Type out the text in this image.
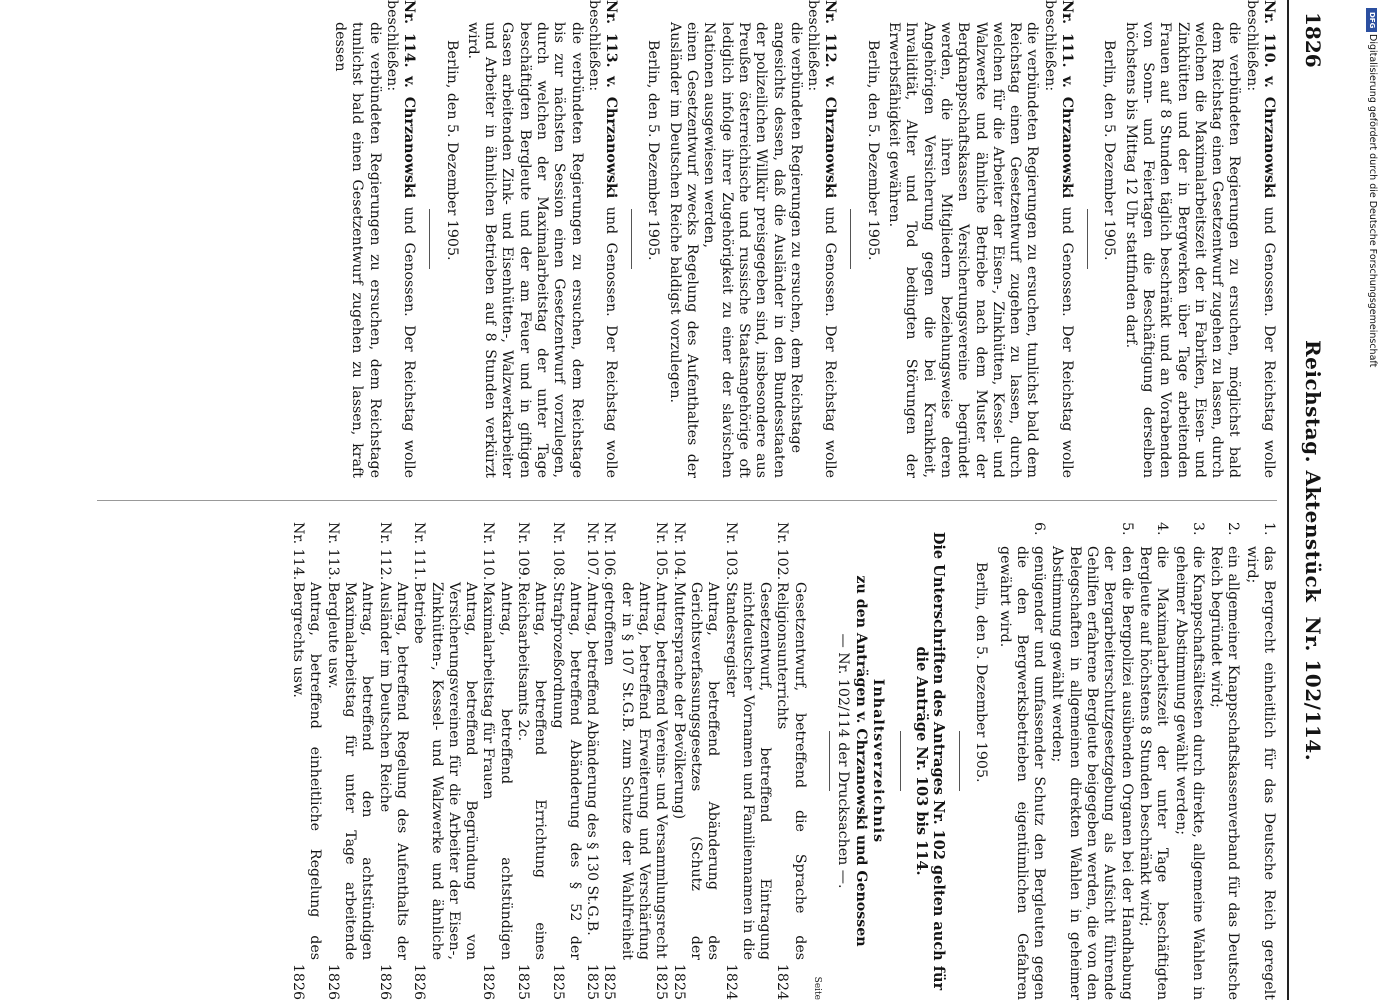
1826
Reichstag. AktenstückNr. 102/114.
Nr. 110. v. Chrzanowski und Genossen. Der Reichstag wolle beschließen:
die verbündeten Regierungen zu ersuchen, möglichst bald dem Reichstag einen Gesetzentwurf zugehen zu lassen, durch welchen die Maximalarbeitszeit der in Fabriken, Eisen- und Zinkhütten und der in Bergwerken über Tage arbeitenden Frauen auf 8 Stunden täglich beschränkt und an Vorabenden von Sonn- und Feiertagen die Beschäftigung derselben höchstens bis Mittag 12 Uhr stattfinden darf.
Berlin, den 5. Dezember 1905.
Nr. 111. v. Chrzanowski und Genossen. Der Reichstag wolle beschließen:
die verbündeten Regierungen zu ersuchen, tunlichst bald dem Reichstag einen Gesetzentwurf zugehen zu lassen, durch welchen für die Arbeiter der Eisen-, Zinkhütten, Kessel- und Walzwerke und ähnliche Betriebe nach dem Muster der Bergknappschaftskassen Versicherungsvereine begründet werden, die ihren Mitgliedern beziehungsweise deren Angehörigen Versicherung gegen die bei Krankheit, Invalidität, Alter und Tod bedingten Störungen der Erwerbsfähigkeit gewähren.
Berlin, den 5. Dezember 1905.
Nr. 112. v. Chrzanowski und Genossen. Der Reichstag wolle beschließen:
die verbündeten Regierungen zu ersuchen, dem Reichstage
angesichts dessen, daß die Ausländer in den Bundesstaaten der polizeilichen Willkür preisgegeben sind, insbesondere aus Preußen österreichische und russische Staatsangehörige oft lediglich infolge ihrer Zugehörigkeit zu einer der slavischen Nationen ausgewiesen werden,
einen Gesetzentwurf zwecks Regelung des Aufenthaltes der Ausländer im Deutschen Reiche baldigst vorzulegen.
Berlin, den 5. Dezember 1905.
Nr. 113. v. Chrzanowski und Genossen. Der Reichstag wolle beschließen:
die verbündeten Regierungen zu ersuchen, dem Reichstage bis zur nächsten Session einen Gesetzentwurf vorzulegen, durch welchen der Maximalarbeitstag der unter Tage beschäftigten Bergleute und der am Feuer und in giftigen Gasen arbeitenden Zink- und Eisenhütten-, Walzwerkarbeiter und Arbeiter in ähnlichen Betrieben auf 8 Stunden verkürzt wird.
Berlin, den 5. Dezember 1905.
Nr. 114. v. Chrzanowski und Genossen. Der Reichstag wolle beschließen:
die verbündeten Regierungen zu ersuchen, dem Reichstage tunlichst bald einen Gesetzentwurf zugehen zu lassen, kraft dessen
1.
das Bergrecht einheitlich für das Deutsche Reich geregelt wird;
2.
ein allgemeiner Knappschaftskassenverband für das Deutsche Reich begründet wird;
3.
die Knappschaftsältesten durch direkte, allgemeine Wahlen in geheimer Abstimmung gewählt werden;
4.
die Maximalarbeitszeit der unter Tage beschäftigten Bergleute auf höchstens 8 Stunden beschränkt wird;
5.
den die Bergpolizei ausübenden Organen bei der Handhabung der Bergarbeiterschutzgesetzgebung als Aufsicht führende Gehilfen erfahrene Bergleute beigegeben werden, die von den Belegschaften in allgemeinen direkten Wahlen in geheimer Abstimmung gewählt werden;
6.
genügender und umfassender Schutz den Bergleuten gegen die den Bergwerksbetrieben eigentümlichen Gefahren gewährt wird.
Berlin, den 5. Dezember 1905.
Die Unterschriften des Antrages Nr. 102 gelten auch für die Anträge Nr. 103 bis 114.
Inhaltsverzeichnis
zu den Anträgen v. Chrzanowski und Genossen
— Nr. 102/114 der Drucksachen —.
Seite
Nr. 102.
Gesetzentwurf, betreffend die Sprache des Religionsunterrichts
1824
Nr. 103.
Gesetzentwurf, betreffend Eintragung nichtdeutscher Vornamen und Familiennamen in die Standesregister
1824
Nr. 104.
Antrag, betreffend Abänderung des Gerichtsverfassungsgesetzes (Schutz der Muttersprache der Bevölkerung)
1825
Nr. 105.
Antrag, betreffend Vereins- und Versammlungsrecht
1825
Nr. 106.
Antrag, betreffend Erweiterung und Verschärfung der in § 107 St.G.B. zum Schutze der Wahlfreiheit getroffenen
1825
Nr. 107.
Antrag, betreffend Abänderung des § 130 St.G.B.
1825
Nr. 108.
Antrag, betreffend Abänderung des § 52 der Strafprozeßordnung
1825
Nr. 109.
Antrag, betreffend Errichtung eines Reichsarbeitsamts 2c.
1825
Nr. 110.
Antrag, betreffend achtstündigen Maximalarbeitstag für Frauen
1826
Nr. 111.
Antrag, betreffend Begründung von Versicherungsvereinen für die Arbeiter der Eisen-, Zinkhütten-, Kessel- und Walzwerke und ähnliche Betriebe
1826
Nr. 112.
Antrag, betreffend Regelung des Aufenthalts der Ausländer im Deutschen Reiche
1826
Nr. 113.
Antrag, betreffend den achtstündigen Maximalarbeitstag für unter Tage arbeitende Bergleute usw.
1826
Nr. 114.
Antrag, betreffend einheitliche Regelung des Bergrechts usw.
1826
DFG
Digitalisierung gefördert durch die Deutsche Forschungsgemeinschaft
